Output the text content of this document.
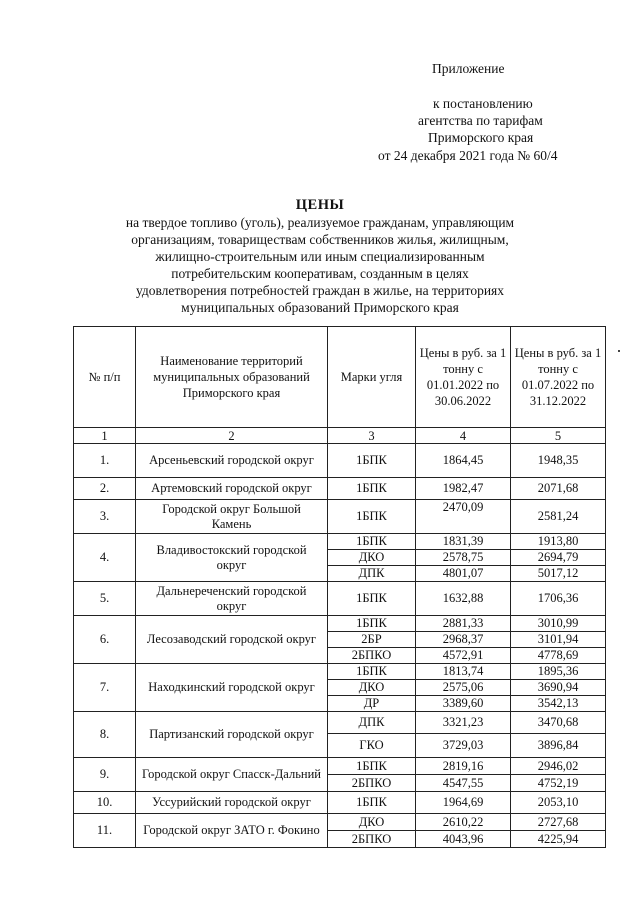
Приложение
к постановлению
агентства по тарифам
Приморского края
от 24 декабря 2021 года № 60/4
ЦЕНЫ
на твердое топливо (уголь), реализуемое гражданам, управляющим
организациям, товариществам собственников жилья, жилищным,
жилищно-строительным или иным специализированным
потребительским кооперативам, созданным в целях
удовлетворения потребностей граждан в жилье, на территориях
муниципальных образований Приморского края
№ п/п	Наименование территорий муниципальных образований Приморского края	Марки угля	Цены в руб. за 1 тонну с 01.01.2022 по 30.06.2022	Цены в руб. за 1 тонну с 01.07.2022 по 31.12.2022
1	2	3	4	5
1.	Арсеньевский городской округ	1БПК	1864,45	1948,35
2.	Артемовский городской округ	1БПК	1982,47	2071,68
3.	Городской округ Большой Камень	1БПК	2470,09	2581,24
4.	Владивостокский городской округ	1БПК	1831,39	1913,80
		ДКО	2578,75	2694,79
		ДПК	4801,07	5017,12
5.	Дальнереченский городской округ	1БПК	1632,88	1706,36
6.	Лесозаводский городской округ	1БПК	2881,33	3010,99
		2БР	2968,37	3101,94
		2БПКО	4572,91	4778,69
7.	Находкинский городской округ	1БПК	1813,74	1895,36
		ДКО	2575,06	3690,94
		ДР	3389,60	3542,13
8.	Партизанский городской округ	ДПК	3321,23	3470,68
		ГКО	3729,03	3896,84
9.	Городской округ Спасск-Дальний	1БПК	2819,16	2946,02
		2БПКО	4547,55	4752,19
10.	Уссурийский городской округ	1БПК	1964,69	2053,10
11.	Городской округ ЗАТО г. Фокино	ДКО	2610,22	2727,68
		2БПКО	4043,96	4225,94
